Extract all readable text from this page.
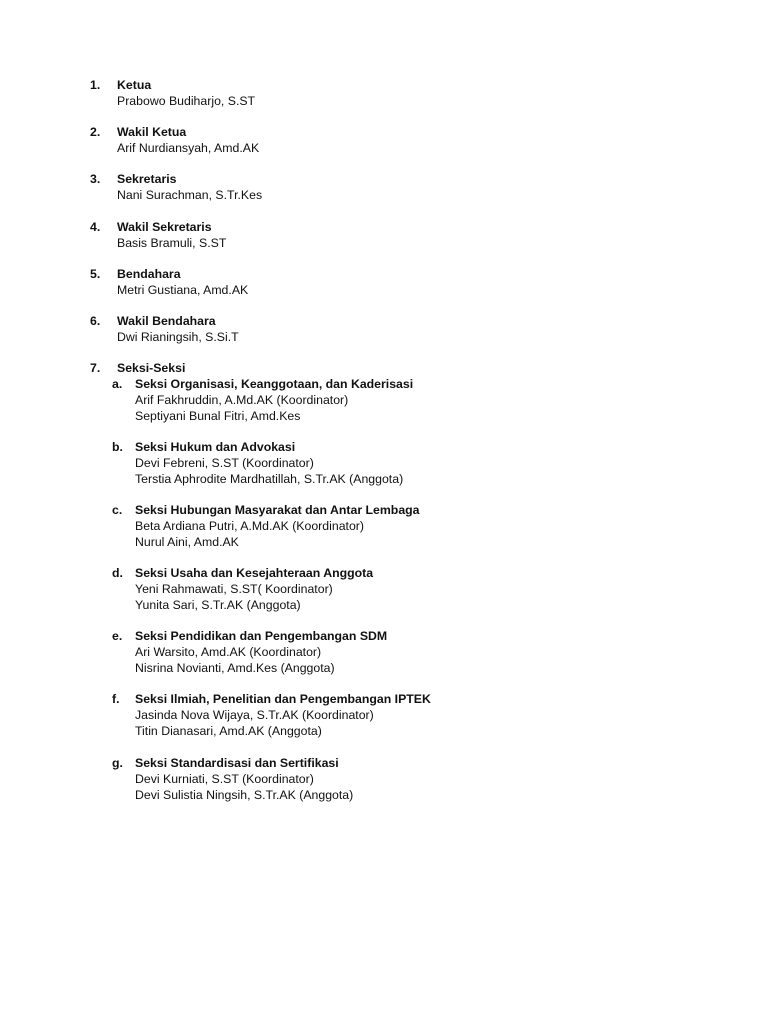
1. Ketua
Prabowo Budiharjo, S.ST
2. Wakil Ketua
Arif Nurdiansyah, Amd.AK
3. Sekretaris
Nani Surachman, S.Tr.Kes
4. Wakil Sekretaris
Basis Bramuli, S.ST
5. Bendahara
Metri Gustiana, Amd.AK
6. Wakil Bendahara
Dwi Rianingsih, S.Si.T
7. Seksi-Seksi
a. Seksi Organisasi, Keanggotaan, dan Kaderisasi
Arif Fakhruddin, A.Md.AK (Koordinator)
Septiyani Bunal Fitri, Amd.Kes
b. Seksi Hukum dan Advokasi
Devi Febreni, S.ST (Koordinator)
Terstia Aphrodite Mardhatillah, S.Tr.AK (Anggota)
c. Seksi Hubungan Masyarakat dan Antar Lembaga
Beta Ardiana Putri, A.Md.AK (Koordinator)
Nurul Aini, Amd.AK
d. Seksi Usaha dan Kesejahteraan Anggota
Yeni Rahmawati, S.ST( Koordinator)
Yunita Sari, S.Tr.AK (Anggota)
e. Seksi Pendidikan dan Pengembangan SDM
Ari Warsito, Amd.AK (Koordinator)
Nisrina Novianti, Amd.Kes (Anggota)
f. Seksi Ilmiah, Penelitian dan Pengembangan IPTEK
Jasinda Nova Wijaya, S.Tr.AK (Koordinator)
Titin Dianasari, Amd.AK (Anggota)
g. Seksi Standardisasi dan Sertifikasi
Devi Kurniati, S.ST (Koordinator)
Devi Sulistia Ningsih, S.Tr.AK (Anggota)
